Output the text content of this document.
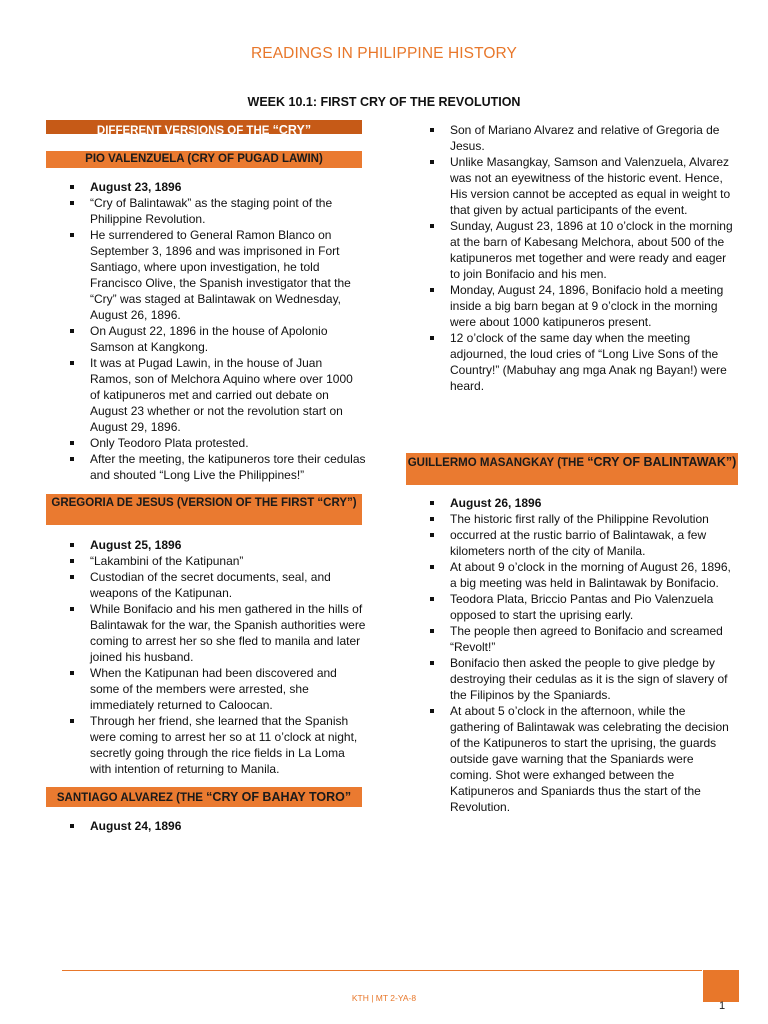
READINGS IN PHILIPPINE HISTORY
WEEK 10.1: FIRST CRY OF THE REVOLUTION
DIFFERENT VERSIONS OF THE “CRY”
PIO VALENZUELA (CRY OF PUGAD LAWIN)
August 23, 1896
“Cry of Balintawak” as the staging point of the Philippine Revolution.
He surrendered to General Ramon Blanco on September 3, 1896 and was imprisoned in Fort Santiago, where upon investigation, he told Francisco Olive, the Spanish investigator that the “Cry” was staged at Balintawak on Wednesday, August 26, 1896.
On August 22, 1896 in the house of Apolonio Samson at Kangkong.
It was at Pugad Lawin, in the house of Juan Ramos, son of Melchora Aquino where over 1000 of katipuneros met and carried out debate on August 23 whether or not the revolution start on August 29, 1896.
Only Teodoro Plata protested.
After the meeting, the katipuneros tore their cedulas and shouted “Long Live the Philippines!”
GREGORIA DE JESUS (VERSION OF THE FIRST “CRY”)
August 25, 1896
“Lakambini of the Katipunan”
Custodian of the secret documents, seal, and weapons of the Katipunan.
While Bonifacio and his men gathered in the hills of Balintawak for the war, the Spanish authorities were coming to arrest her so she fled to manila and later joined his husband.
When the Katipunan had been discovered and some of the members were arrested, she immediately returned to Caloocan.
Through her friend, she learned that the Spanish were coming to arrest her so at 11 o’clock at night, secretly going through the rice fields in La Loma with intention of returning to Manila.
SANTIAGO ALVAREZ (THE “CRY OF BAHAY TORO”
August 24, 1896
Son of Mariano Alvarez and relative of Gregoria de Jesus.
Unlike Masangkay, Samson and Valenzuela, Alvarez was not an eyewitness of the historic event. Hence, His version cannot be accepted as equal in weight to that given by actual participants of the event.
Sunday, August 23, 1896 at 10 o’clock in the morning at the barn of Kabesang Melchora, about 500 of the katipuneros met together and were ready and eager to join Bonifacio and his men.
Monday, August 24, 1896, Bonifacio hold a meeting inside a big barn began at 9 o’clock in the morning were about 1000 katipuneros present.
12 o’clock of the same day when the meeting adjourned, the loud cries of “Long Live Sons of the Country!” (Mabuhay ang mga Anak ng Bayan!) were heard.
GUILLERMO MASANGKAY (THE “CRY OF BALINTAWAK”)
August 26, 1896
The historic first rally of the Philippine Revolution
occurred at the rustic barrio of Balintawak, a few kilometers north of the city of Manila.
At about 9 o’clock in the morning of August 26, 1896, a big meeting was held in Balintawak by Bonifacio.
Teodora Plata, Briccio Pantas and Pio Valenzuela opposed to start the uprising early.
The people then agreed to Bonifacio and screamed “Revolt!”
Bonifacio then asked the people to give pledge by destroying their cedulas as it is the sign of slavery of the Filipinos by the Spaniards.
At about 5 o’clock in the afternoon, while the gathering of Balintawak was celebrating the decision of the Katipuneros to start the uprising, the guards outside gave warning that the Spaniards were coming. Shot were exhanged between the Katipuneros and Spaniards thus the start of the Revolution.
KTH | MT 2-YA-8
1
